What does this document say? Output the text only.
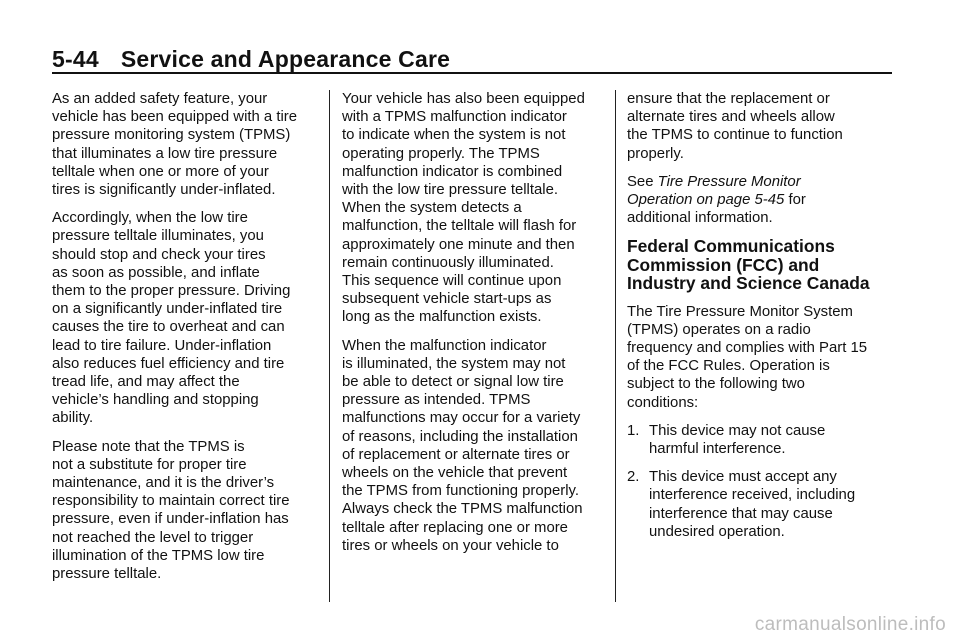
5-44 Service and Appearance Care

As an added safety feature, your
vehicle has been equipped with a tire
pressure monitoring system (TPMS)
that illuminates a low tire pressure
telltale when one or more of your
tires is significantly under-inflated.

Accordingly, when the low tire
pressure telltale illuminates, you
should stop and check your tires
as soon as possible, and inflate
them to the proper pressure. Driving
on a significantly under-inflated tire
causes the tire to overheat and can
lead to tire failure. Under-inflation
also reduces fuel efficiency and tire
tread life, and may affect the
vehicle’s handling and stopping
ability.

Please note that the TPMS is
not a substitute for proper tire
maintenance, and it is the driver’s
responsibility to maintain correct tire
pressure, even if under-inflation has
not reached the level to trigger
illumination of the TPMS low tire
pressure telltale.

Your vehicle has also been equipped
with a TPMS malfunction indicator
to indicate when the system is not
operating properly. The TPMS
malfunction indicator is combined
with the low tire pressure telltale.
When the system detects a
malfunction, the telltale will flash for
approximately one minute and then
remain continuously illuminated.
This sequence will continue upon
subsequent vehicle start-ups as
long as the malfunction exists.

When the malfunction indicator
is illuminated, the system may not
be able to detect or signal low tire
pressure as intended. TPMS
malfunctions may occur for a variety
of reasons, including the installation
of replacement or alternate tires or
wheels on the vehicle that prevent
the TPMS from functioning properly.
Always check the TPMS malfunction
telltale after replacing one or more
tires or wheels on your vehicle to

ensure that the replacement or
alternate tires and wheels allow
the TPMS to continue to function
properly.

See Tire Pressure Monitor
Operation on page 5-45 for
additional information.

Federal Communications
Commission (FCC) and
Industry and Science Canada

The Tire Pressure Monitor System
(TPMS) operates on a radio
frequency and complies with Part 15
of the FCC Rules. Operation is
subject to the following two
conditions:

1. This device may not cause
harmful interference.
2. This device must accept any
interference received, including
interference that may cause
undesired operation.
carmanualsonline.info
